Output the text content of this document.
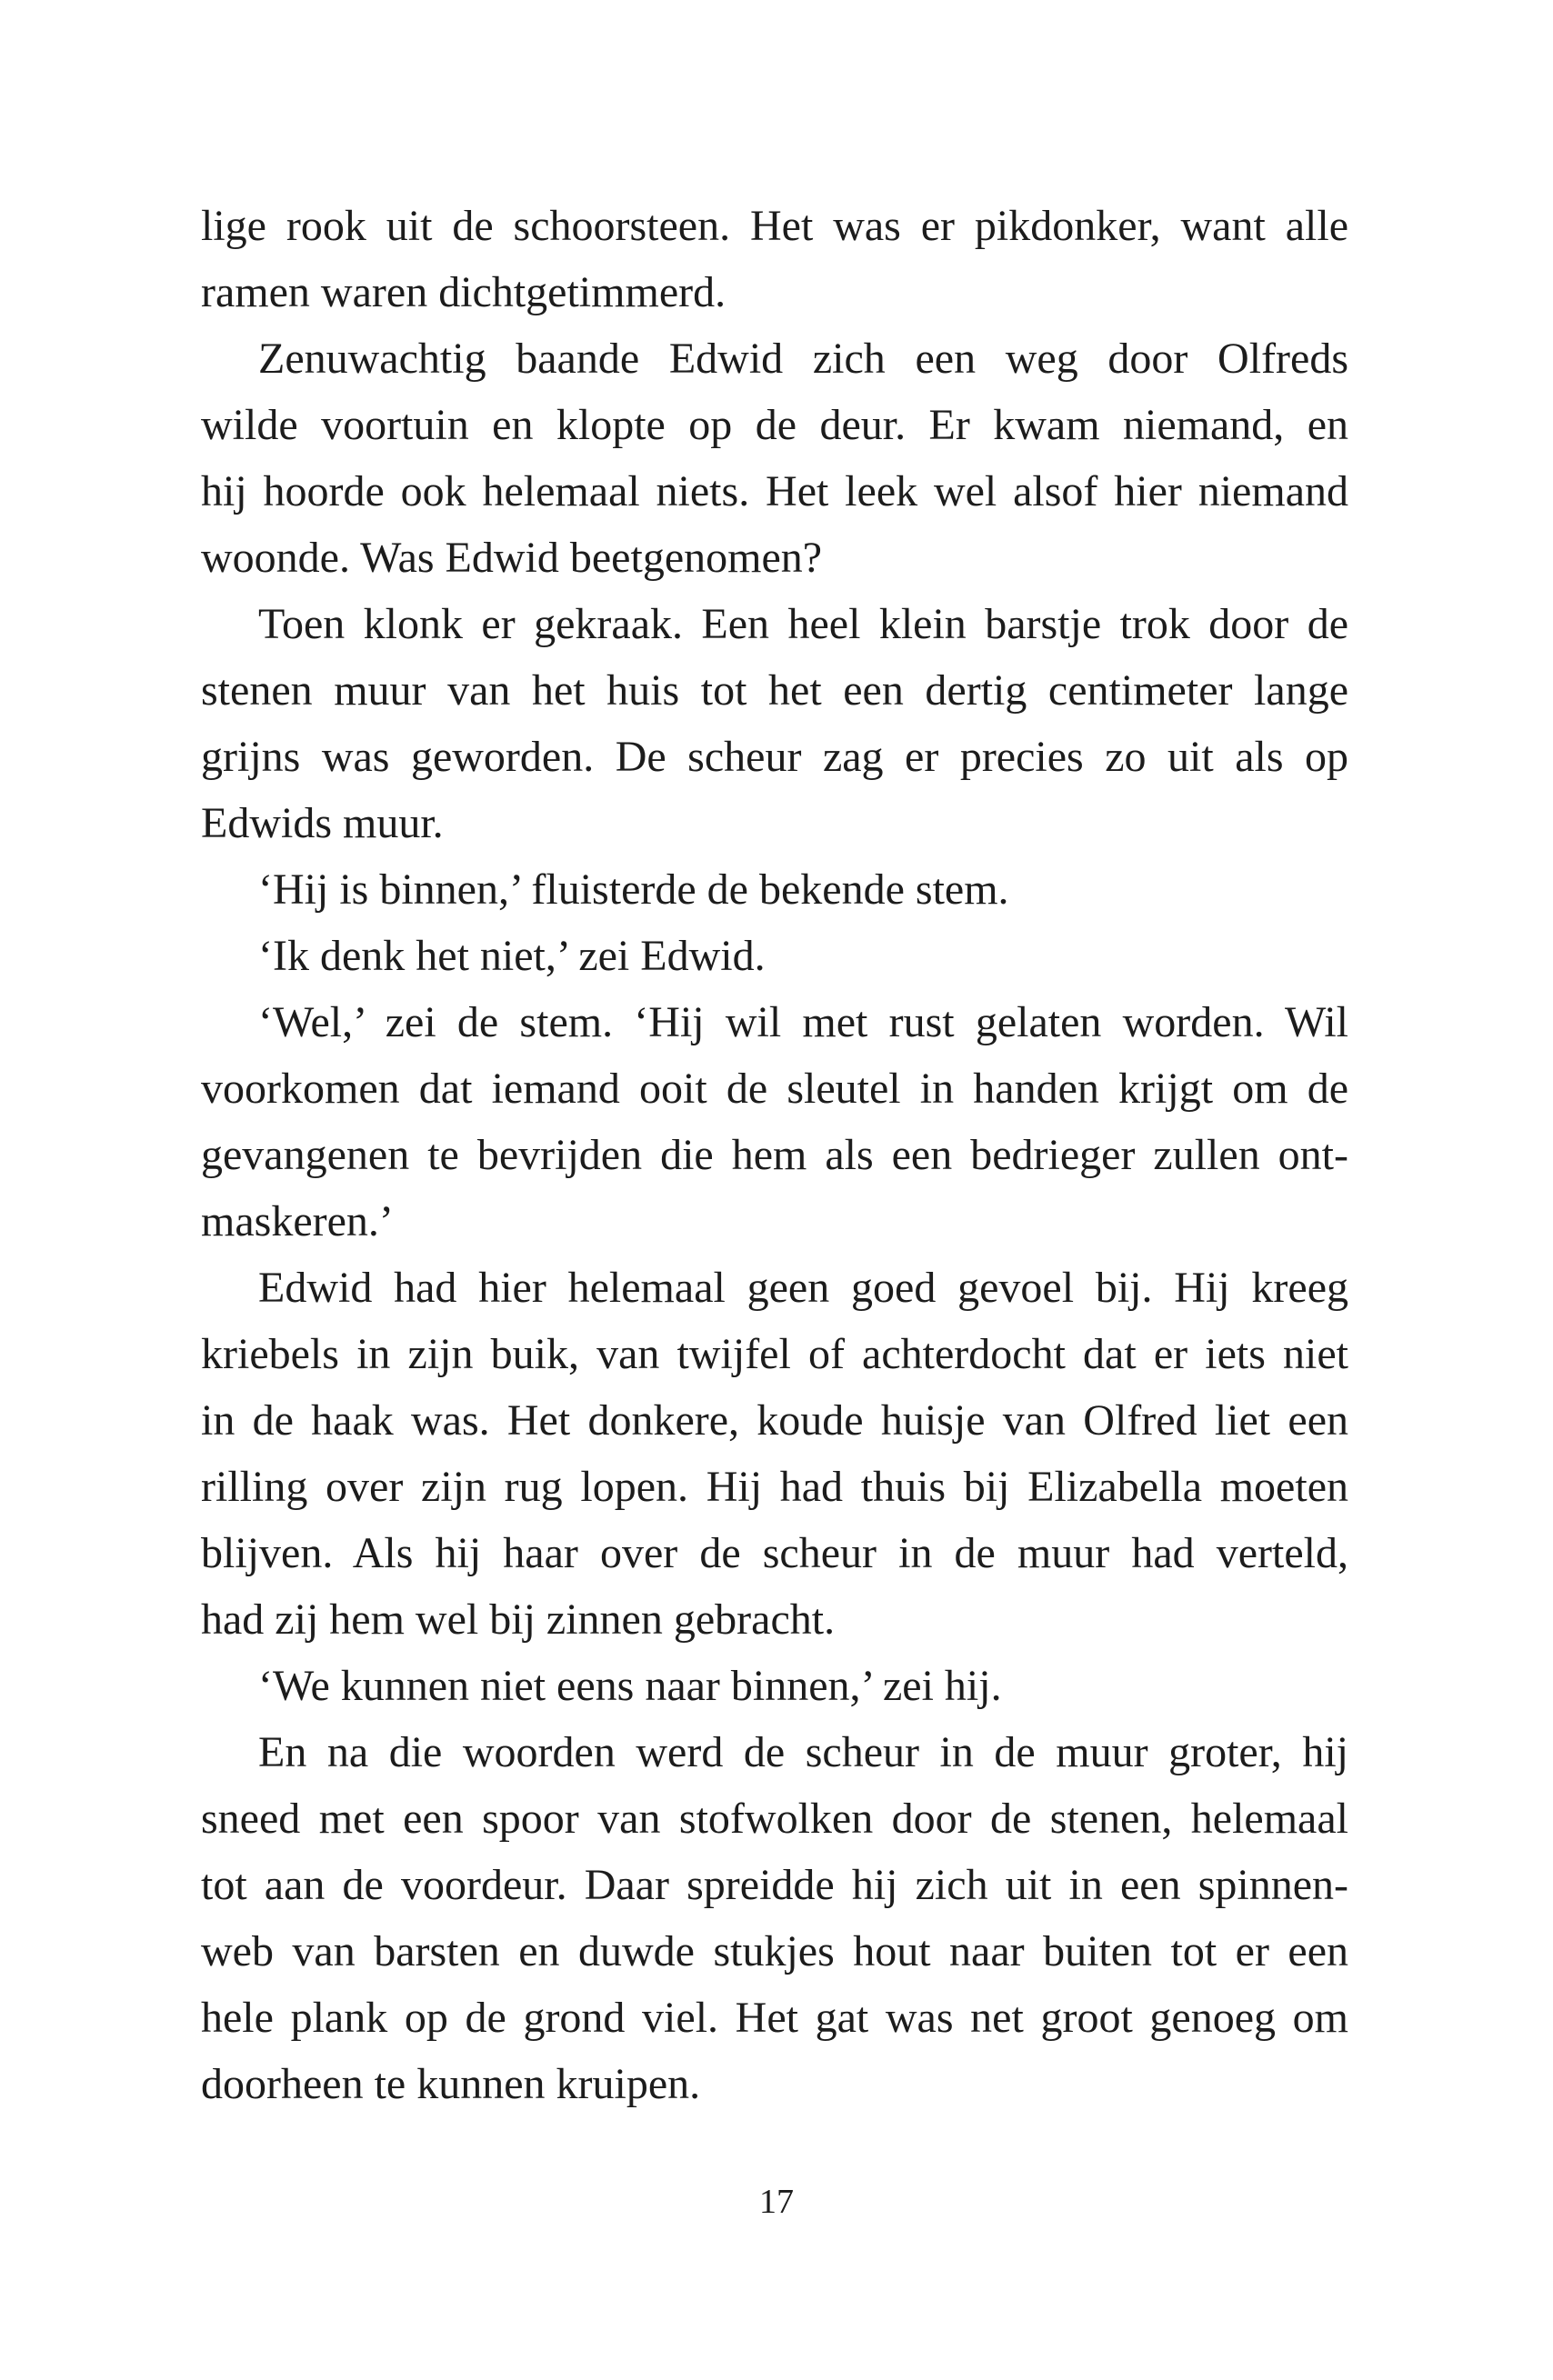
lige rook uit de schoorsteen. Het was er pikdonker, want alle
ramen waren dichtgetimmerd.
Zenuwachtig baande Edwid zich een weg door Olfreds
wilde voortuin en klopte op de deur. Er kwam niemand, en
hij hoorde ook helemaal niets. Het leek wel alsof hier niemand
woonde. Was Edwid beetgenomen?
Toen klonk er gekraak. Een heel klein barstje trok door de
stenen muur van het huis tot het een dertig centimeter lange
grijns was geworden. De scheur zag er precies zo uit als op
Edwids muur.
‘Hij is binnen,’ fluisterde de bekende stem.
‘Ik denk het niet,’ zei Edwid.
‘Wel,’ zei de stem. ‘Hij wil met rust gelaten worden. Wil
voorkomen dat iemand ooit de sleutel in handen krijgt om de
gevangenen te bevrijden die hem als een bedrieger zullen ont-
maskeren.’
Edwid had hier helemaal geen goed gevoel bij. Hij kreeg
kriebels in zijn buik, van twijfel of achterdocht dat er iets niet
in de haak was. Het donkere, koude huisje van Olfred liet een
rilling over zijn rug lopen. Hij had thuis bij Elizabella moeten
blijven. Als hij haar over de scheur in de muur had verteld,
had zij hem wel bij zinnen gebracht.
‘We kunnen niet eens naar binnen,’ zei hij.
En na die woorden werd de scheur in de muur groter, hij
sneed met een spoor van stofwolken door de stenen, helemaal
tot aan de voordeur. Daar spreidde hij zich uit in een spinnen-
web van barsten en duwde stukjes hout naar buiten tot er een
hele plank op de grond viel. Het gat was net groot genoeg om
doorheen te kunnen kruipen.
17
